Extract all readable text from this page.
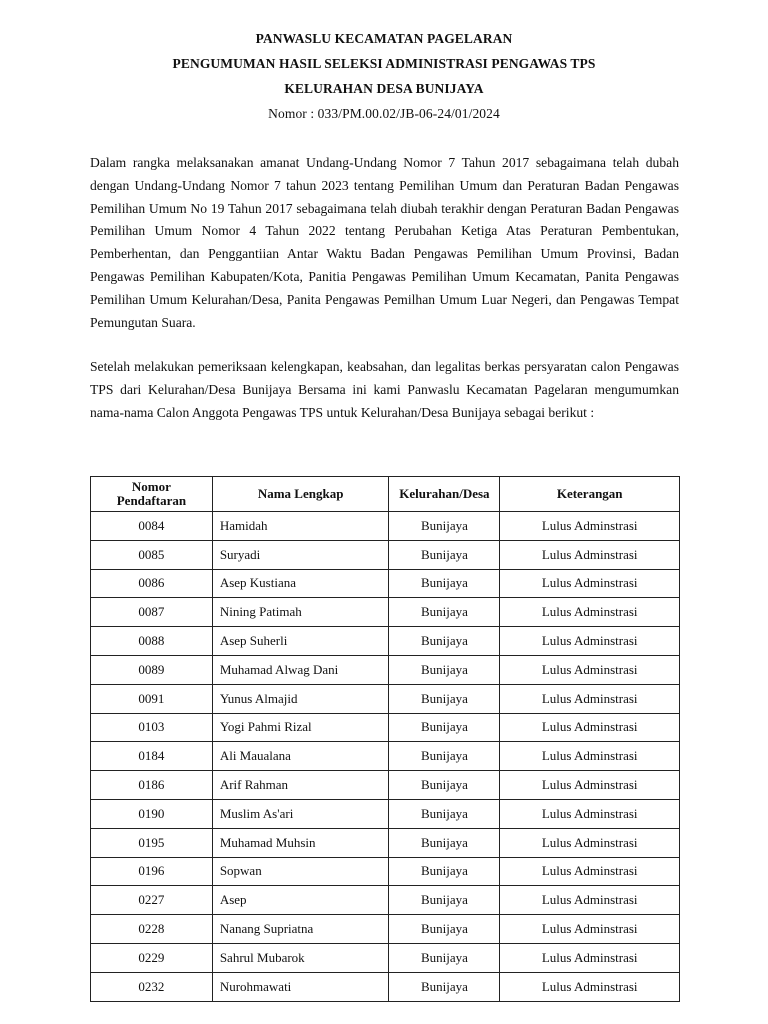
PANWASLU KECAMATAN PAGELARAN
PENGUMUMAN HASIL SELEKSI ADMINISTRASI PENGAWAS TPS
KELURAHAN DESA BUNIJAYA
Nomor : 033/PM.00.02/JB-06-24/01/2024

Dalam rangka melaksanakan amanat Undang-Undang Nomor 7 Tahun 2017 sebagaimana telah dubah dengan Undang-Undang Nomor 7 tahun 2023 tentang Pemilihan Umum dan Peraturan Badan Pengawas Pemilihan Umum No 19 Tahun 2017 sebagaimana telah diubah terakhir dengan Peraturan Badan Pengawas Pemilihan Umum Nomor 4 Tahun 2022 tentang Perubahan Ketiga Atas Peraturan Pembentukan, Pemberhentan, dan Penggantiian Antar Waktu Badan Pengawas Pemilihan Umum Provinsi, Badan Pengawas Pemilihan Kabupaten/Kota, Panitia Pengawas Pemilihan Umum Kecamatan, Panita Pengawas Pemilihan Umum Kelurahan/Desa, Panita Pengawas Pemilhan Umum Luar Negeri, dan Pengawas Tempat Pemungutan Suara.

Setelah melakukan pemeriksaan kelengkapan, keabsahan, dan legalitas berkas persyaratan calon Pengawas TPS dari Kelurahan/Desa Bunijaya Bersama ini kami Panwaslu Kecamatan Pagelaran mengumumkan nama-nama Calon Anggota Pengawas TPS untuk Kelurahan/Desa Bunijaya sebagai berikut :

Nomor
Pendaftaran	Nama Lengkap	Kelurahan/Desa	Keterangan
0084	Hamidah	Bunijaya	Lulus Adminstrasi
0085	Suryadi	Bunijaya	Lulus Adminstrasi
0086	Asep Kustiana	Bunijaya	Lulus Adminstrasi
0087	Nining Patimah	Bunijaya	Lulus Adminstrasi
0088	Asep Suherli	Bunijaya	Lulus Adminstrasi
0089	Muhamad Alwag Dani	Bunijaya	Lulus Adminstrasi
0091	Yunus Almajid	Bunijaya	Lulus Adminstrasi
0103	Yogi Pahmi Rizal	Bunijaya	Lulus Adminstrasi
0184	Ali Maualana	Bunijaya	Lulus Adminstrasi
0186	Arif Rahman	Bunijaya	Lulus Adminstrasi
0190	Muslim As'ari	Bunijaya	Lulus Adminstrasi
0195	Muhamad Muhsin	Bunijaya	Lulus Adminstrasi
0196	Sopwan	Bunijaya	Lulus Adminstrasi
0227	Asep	Bunijaya	Lulus Adminstrasi
0228	Nanang Supriatna	Bunijaya	Lulus Adminstrasi
0229	Sahrul Mubarok	Bunijaya	Lulus Adminstrasi
0232	Nurohmawati	Bunijaya	Lulus Adminstrasi
